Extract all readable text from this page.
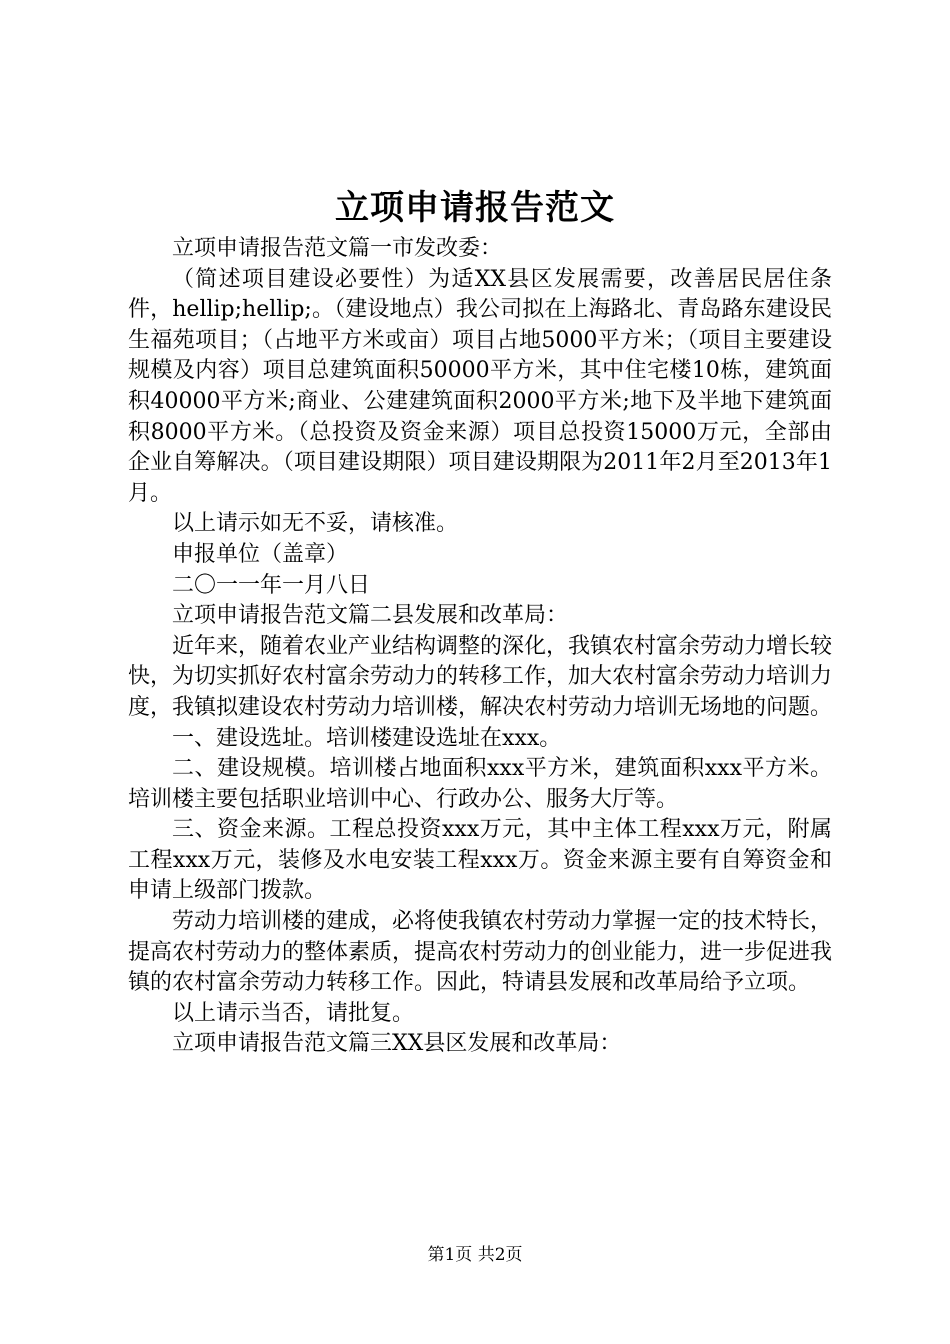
立项申请报告范文

立项申请报告范文篇一市发改委：

（简述项目建设必要性）为适XX县区发展需要，改善居民居住条件，hellip;hellip;。（建设地点）我公司拟在上海路北、青岛路东建设民生福苑项目；（占地平方米或亩）项目占地5000平方米；（项目主要建设规模及内容）项目总建筑面积50000平方米，其中住宅楼10栋，建筑面积40000平方米;商业、公建建筑面积2000平方米;地下及半地下建筑面积8000平方米。（总投资及资金来源）项目总投资15000万元，全部由企业自筹解决。（项目建设期限）项目建设期限为2011年2月至2013年1月。

以上请示如无不妥，请核准。

申报单位（盖章）

二〇一一年一月八日

立项申请报告范文篇二县发展和改革局：

近年来，随着农业产业结构调整的深化，我镇农村富余劳动力增长较快，为切实抓好农村富余劳动力的转移工作，加大农村富余劳动力培训力度，我镇拟建设农村劳动力培训楼，解决农村劳动力培训无场地的问题。

一、建设选址。培训楼建设选址在xxx。

二、建设规模。培训楼占地面积xxx平方米，建筑面积xxx平方米。培训楼主要包括职业培训中心、行政办公、服务大厅等。

三、资金来源。工程总投资xxx万元，其中主体工程xxx万元，附属工程xxx万元，装修及水电安装工程xxx万。资金来源主要有自筹资金和申请上级部门拨款。

劳动力培训楼的建成，必将使我镇农村劳动力掌握一定的技术特长，提高农村劳动力的整体素质，提高农村劳动力的创业能力，进一步促进我镇的农村富余劳动力转移工作。因此，特请县发展和改革局给予立项。

以上请示当否，请批复。

立项申请报告范文篇三XX县区发展和改革局：

第1页 共2页
